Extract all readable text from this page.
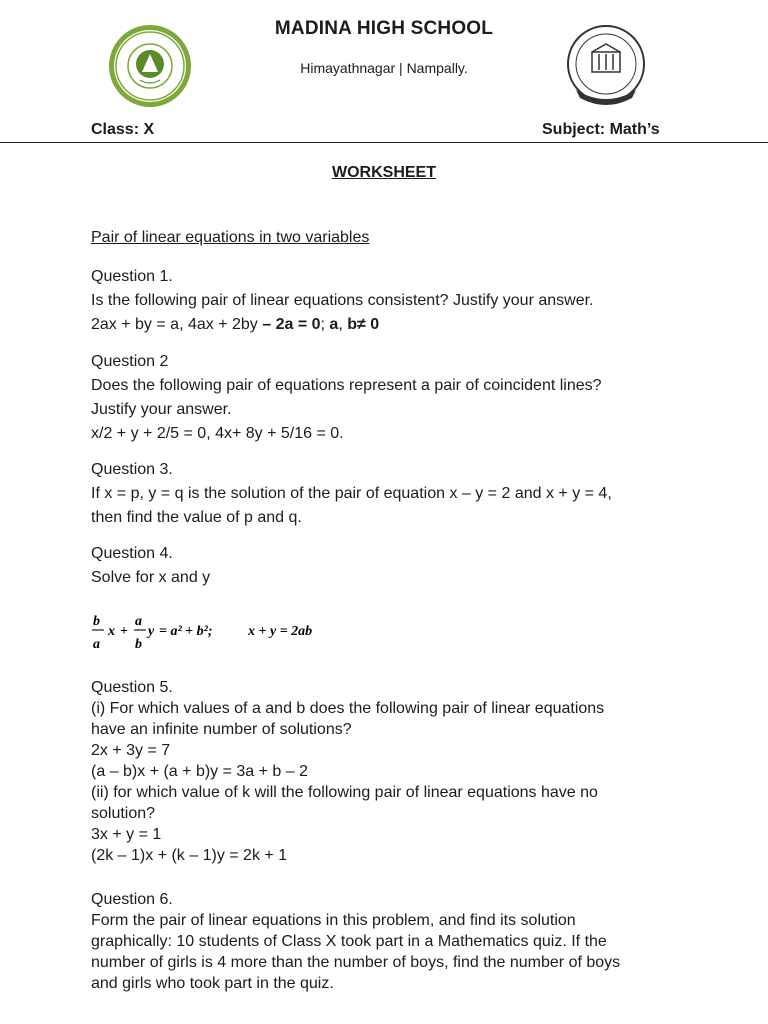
MADINA HIGH SCHOOL
Himayathnagar | Nampally.
Class: X	Subject: Math’s
WORKSHEET
Pair of linear equations in two variables
Question 1.
Is the following pair of linear equations consistent? Justify your answer.
2ax + by = a, 4ax + 2by – 2a = 0; a, b≠ 0
Question 2
Does the following pair of equations represent a pair of coincident lines?
Justify your answer.
x/2 + y + 2/5 = 0, 4x+ 8y + 5/16 = 0.
Question 3.
If x = p, y = q is the solution of the pair of equation x – y = 2 and x + y = 4,
then find the value of p and q.
Question 4.
Solve for x and y
b
a
x +
a
b
y = a² + b²;	x + y = 2ab
Question 5.
(i) For which values of a and b does the following pair of linear equations
have an infinite number of solutions?
2x + 3y = 7
(a – b)x + (a + b)y = 3a + b – 2
(ii) for which value of k will the following pair of linear equations have no
solution?
3x + y = 1
(2k – 1)x + (k – 1)y = 2k + 1
Question 6.
Form the pair of linear equations in this problem, and find its solution
graphically: 10 students of Class X took part in a Mathematics quiz. If the
number of girls is 4 more than the number of boys, find the number of boys
and girls who took part in the quiz.
